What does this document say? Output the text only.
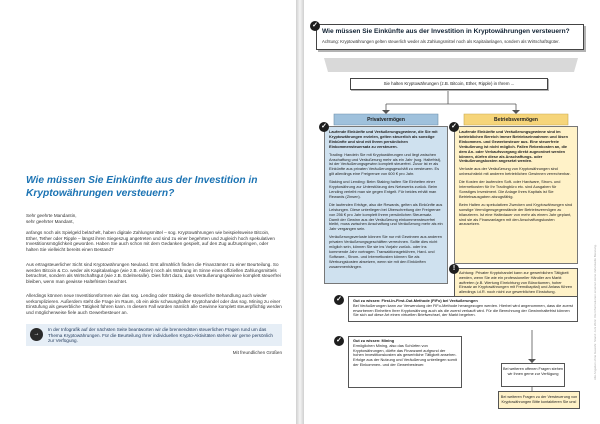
Wie müssen Sie Einkünfte aus der Investition in Kryptowährungen versteuern?
Sehr geehrte Mandantin,
sehr geehrter Mandant,
anfangs noch als Spielgeld belächelt, haben digitale Zahlungsmittel – sog. Kryptowährungen wie beispielsweise Bitcoin, Ether, Tether oder Ripple – längst ihren Siegeszug angetreten und sind zu einer begehrten und zugleich hoch spekulativen Investitionsmöglichkeit geworden. Haben Sie auch schon mit dem Gedanken gespielt, auf den Zug aufzuspringen, oder halten Sie vielleicht bereits einen Bestand?
Aus ertragsteuerlicher Sicht sind Kryptowährungen Neuland. Erst allmählich finden die Finanzämter zu einer Beurteilung. So werden Bitcoin & Co. weder als Kapitalanlage (wie z.B. Aktien) noch als Währung im Sinne eines offiziellen Zahlungsmittels betrachtet, sondern als Wirtschaftsgut (wie z.B. Edelmetalle). Dies führt dazu, dass Veräußerungsgewinne komplett steuerfrei bleiben, wenn man gewisse Haltefristen beachtet.
Allerdings können neue Investitionsformen wie das sog. Lending oder Staking die steuerliche Behandlung auch wieder verkomplizieren. Außerdem steht die Frage im Raum, ob ein aktiv schwunghafter Kryptohandel oder das sog. Mining zu einer Einstufung als gewerbliche Tätigkeit führen kann. In diesem Fall würden nämlich alle Gewinne komplett steuerpflichtig werden und möglicherweise fiele auch Gewerbesteuer an.
→
In der Infografik auf der nächsten Seite beantworten wir die brennendsten steuerlichen Fragen rund um das Thema Kryptowährungen. Für die Beurteilung Ihrer individuellen Krypto-Aktivitäten stehen wir gerne persönlich zur Verfügung.
Mit freundlichen Grüßen
Wie müssen Sie Einkünfte aus der Investition in Kryptowährungen versteuern?
Achtung: Kryptowährungen gelten steuerlich weder als Zahlungsmittel noch als Kapitalanlagen, sondern als Wirtschaftsgüter.
✓
Sie halten Kryptowährungen (z.B. Bitcoin, Ether, Ripple) in Ihrem ...
Privatvermögen	Betriebsvermögen

Laufende Einkünfte und Veräußerungsgewinne, die Sie mit Kryptowährungen erzielen, gelten steuerlich als sonstige Einkünfte und sind mit Ihrem persönlichen Einkommensteuersatz zu versteuern.

Trading: Handeln Sie mit Kryptowährungen und liegt zwischen Anschaffung und Veräußerung mehr als ein Jahr (sog. Haltefrist), ist der Veräußerungsgewinn komplett steuerfrei. Zuvor ist er als Einkünfte aus privaten Veräußerungsgeschäft zu versteuern. Es gilt allerdings eine Freigrenze von 600 € pro Jahr.

Staking und Lending: Beim Staking halten Sie Einheiten einer Kryptowährung zur Unterstützung des Netzwerks zurück. Beim Lending verleiht man sie gegen Entgelt. Für beides erhält man Rewards (Zinsen).

Die laufenden Erträge, also die Rewards, gelten als Einkünfte aus Leistungen. Diese unterliegen bei Überschreitung der Freigrenze von 256 € pro Jahr komplett Ihrem persönlichen Steuersatz. Damit der Gewinn aus der Veräußerung einkommensteuerfrei bleibt, muss zwischen Anschaffung und Veräußerung mehr als ein Jahr vergangen sein.

Veräußerungsverluste können Sie nur mit Gewinnen aus anderen privaten Veräußerungsgeschäften verrechnen. Sollte dies nicht möglich sein, können Sie sie ins Vorjahr zurück- oder ins kommende Jahr vortragen. Transaktionsgebühren, Hard- und Software-, Strom- und Internetkosten können Sie als Werbungskosten absetzen, wenn sie mit den Einkünften zusammenhängen.

✓

Laufende Einkünfte und Veräußerungsgewinne sind im betrieblichen Bereich immer Betriebseinnahmen und lösen Einkommen- und Gewerbesteuer aus. Eine steuerfreie Veräußerung ist nicht möglich. Fallen Rebenkosten an, die dem An- oder Verkaufsvorgang direkt zugeordnet werden können, dürfen diese als Anschaffungs- oder Veräußerungskosten angesetzt werden.

Verluste aus der Veräußerung von Kryptowährungen sind unbeschränkt mit anderen betrieblichen Gewinnen verrechenbar.

Die Kosten der laufenden Soft- oder Hardware, Strom- und Internetkosten für Ihr Tradingbüro etc. sind Ausgaben für Sonstiges Investment. Die Anlage Ihres Kapitals ist Sie Betriebsausgaben abzugsfähig.

Beim Halten zu spekulativen Zwecken und Kryptowährungen sind sonstige Vermögensgegenstände der Betriebsvermögen zu bilanzieren. Ist eine Haltedauer von mehr als einem Jahr geplant, sind sie als Finanzanlagen mit den Anschaffungskosten anzusetzen.

✓
Achtung: Privater Kryptohandel kann zur gewerblichen Tätigkeit werden, wenn Sie wie ein professioneller Händler am Markt auftreten (z.B. Wertung Einrichtung von Büroräumen, hoher Einsatz an Kryptowährungen mit Fremdkapital) und Anlass führen allerdings i.d.R. noch nicht zur gewerblichen Einstufung.
!
Gut zu wissen: First-In-First-Out-Methode (FiFo) bei Veräußerungen
Bei Veräußerungen kann zur Verwendung der FiFo-Methode herangezogen werden. Hierbei wird angenommen, dass die zuerst erworbenen Einheiten Ihrer Kryptowährung auch als die zuerst verkauft wird. Für die Berechnung der Gewinnhaltefrist können Sie sich auf diese Art einen virtuellen Briefwechsel, der Markt begehen.
✓
Gut zu wissen: Mining
Ermöglichen Mining, also das Schürfen von Kryptowährungen, dürfte das Finanzamt aufgrund der hohen Investitionskosten als gewerbliche Tätigkeit ansehen. Erfolge aus der Nutzung und Veräußerung unterliegen somit der Einkommen- und der Gewerbesteuer.
✓
Bei weiteren offenen Fragen stehen wir Ihnen gerne zur Verfügung
Bei weiteren Fragen zu der Versteuerung von Kryptowährungen Bitte kontaktieren Sie uns!
Alle Angaben ohne Gewähr. Stand: Juni 2022. Die Informationen ersetzen keine individuelle Beratung.
